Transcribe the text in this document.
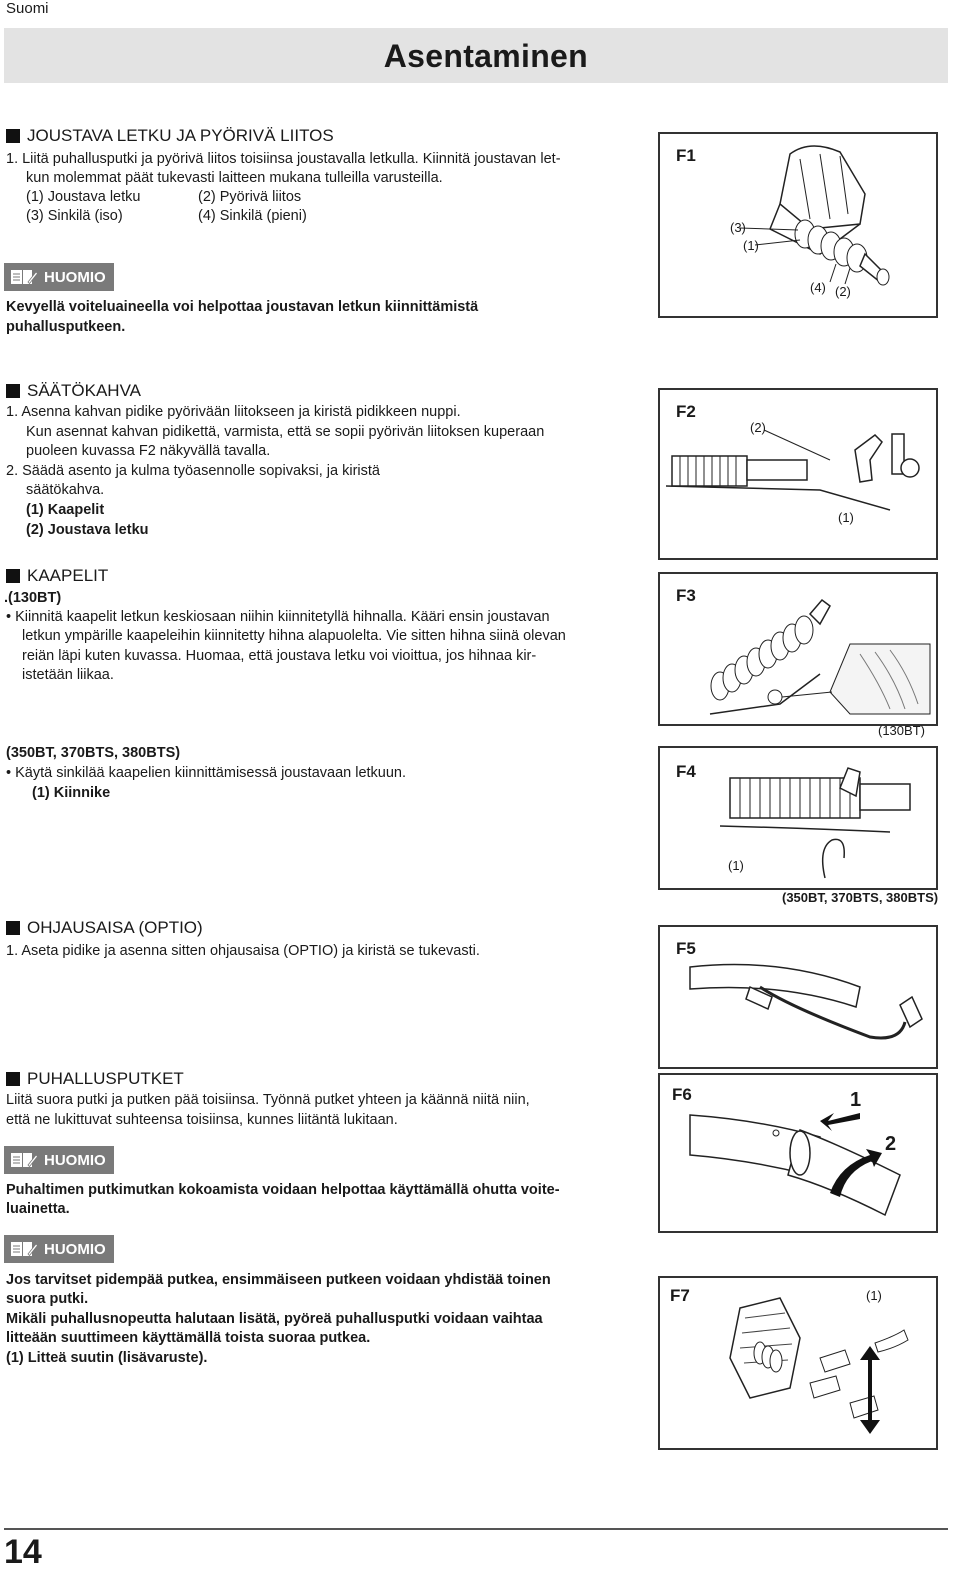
Suomi
Asentaminen
JOUSTAVA LETKU JA PYÖRIVÄ LIITOS
1. Liitä puhallusputki ja pyörivä liitos toisiinsa joustavalla letkulla. Kiinnitä joustavan let-
kun molemmat päät tukevasti laitteen mukana tulleilla varusteilla.
(1) Joustava letku	(2) Pyörivä liitos
(3) Sinkilä (iso)	(4) Sinkilä (pieni)
HUOMIO
Kevyellä voiteluaineella voi helpottaa joustavan letkun kiinnittämistä
puhallusputkeen.
F1
(3)
(1)
(4) (2)
SÄÄTÖKAHVA
1. Asenna kahvan pidike pyörivään liitokseen ja kiristä pidikkeen nuppi.
Kun asennat kahvan pidikettä, varmista, että se sopii pyörivän liitoksen kuperaan
puoleen kuvassa F2 näkyvällä tavalla.
2. Säädä asento ja kulma työasennolle sopivaksi, ja kiristä
säätökahva.
(1) Kaapelit
(2) Joustava letku
F2
(2)
(1)
KAAPELIT
.(130BT)
• Kiinnitä kaapelit letkun keskiosaan niihin kiinnitetyllä hihnalla. Kääri ensin joustavan
letkun ympärille kaapeleihin kiinnitetty hihna alapuolelta. Vie sitten hihna siinä olevan
reiän läpi kuten kuvassa. Huomaa, että joustava letku voi vioittua, jos hihnaa kir-
istetään liikaa.
F3
(130BT)
(350BT, 370BTS, 380BTS)
• Käytä sinkilää kaapelien kiinnittämisessä joustavaan letkuun.
(1) Kiinnike
F4
(1)
(350BT, 370BTS, 380BTS)
OHJAUSAISA (OPTIO)
1. Aseta pidike ja asenna sitten ohjausaisa (OPTIO) ja kiristä se tukevasti.	F5
PUHALLUSPUTKET
Liitä suora putki ja putken pää toisiinsa. Työnnä putket yhteen ja käännä niitä niin,
että ne lukittuvat suhteensa toisiinsa, kunnes liitäntä lukitaan.
HUOMIO
Puhaltimen putkimutkan kokoamista voidaan helpottaa käyttämällä ohutta voite-
luainetta.
HUOMIO
Jos tarvitset pidempää putkea, ensimmäiseen putkeen voidaan yhdistää toinen
suora putki.
Mikäli puhallusnopeutta halutaan lisätä, pyöreä puhallusputki voidaan vaihtaa
litteään suuttimeen käyttämällä toista suoraa putkea.
(1) Litteä suutin (lisävaruste).
F6	1
2
F7	(1)
14
